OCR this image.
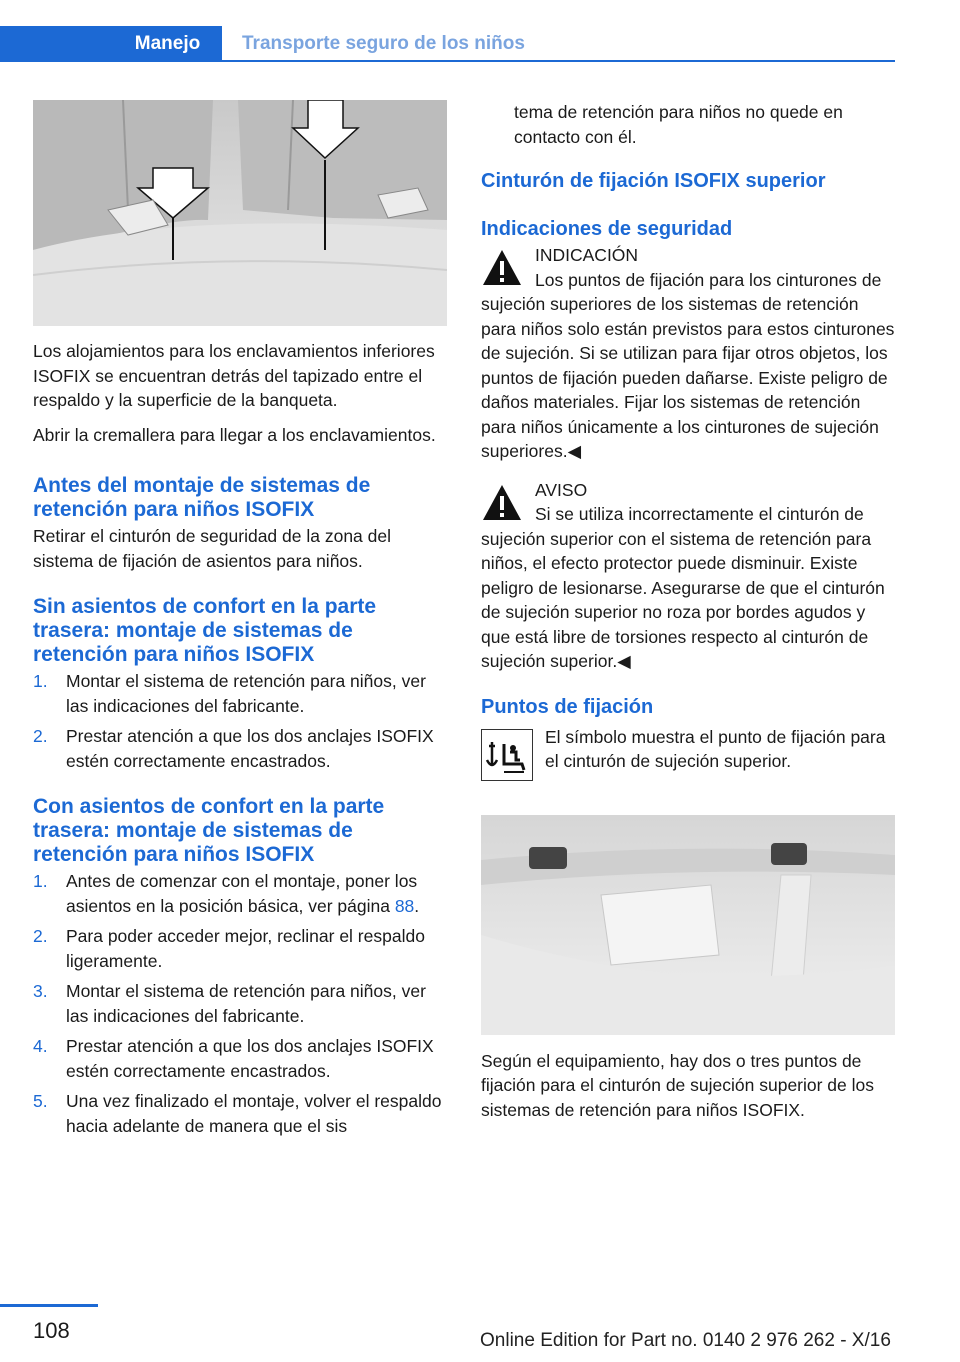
Manejo	Transporte seguro de los niños

Los alojamientos para los enclavamientos inferiores ISOFIX se encuentran detrás del tapizado entre el respaldo y la superficie de la banqueta.

Abrir la cremallera para llegar a los enclavamientos.

Antes del montaje de sistemas de retención para niños ISOFIX

Retirar el cinturón de seguridad de la zona del sistema de fijación de asientos para niños.

Sin asientos de confort en la parte trasera: montaje de sistemas de retención para niños ISOFIX

1. Montar el sistema de retención para niños, ver las indicaciones del fabricante.
2. Prestar atención a que los dos anclajes ISOFIX estén correctamente encastrados.

Con asientos de confort en la parte trasera: montaje de sistemas de retención para niños ISOFIX

1. Antes de comenzar con el montaje, poner los asientos en la posición básica, ver página 88.
2. Para poder acceder mejor, reclinar el respaldo ligeramente.
3. Montar el sistema de retención para niños, ver las indicaciones del fabricante.
4. Prestar atención a que los dos anclajes ISOFIX estén correctamente encastrados.
5. Una vez finalizado el montaje, volver el respaldo hacia adelante de manera que el sis

tema de retención para niños no quede en contacto con él.

Cinturón de fijación ISOFIX superior

Indicaciones de seguridad

INDICACIÓN

Los puntos de fijación para los cinturones de sujeción superiores de los sistemas de retención para niños solo están previstos para estos cinturones de sujeción. Si se utilizan para fijar otros objetos, los puntos de fijación pueden dañarse. Existe peligro de daños materiales. Fijar los sistemas de retención para niños únicamente a los cinturones de sujeción superiores.◀

AVISO

Si se utiliza incorrectamente el cinturón de sujeción superior con el sistema de retención para niños, el efecto protector puede disminuir. Existe peligro de lesionarse. Asegurarse de que el cinturón de sujeción superior no roza por bordes agudos y que está libre de torsiones respecto al cinturón de sujeción superior.◀

Puntos de fijación

El símbolo muestra el punto de fijación para el cinturón de sujeción superior.

Según el equipamiento, hay dos o tres puntos de fijación para el cinturón de sujeción superior de los sistemas de retención para niños ISOFIX.

108	Online Edition for Part no. 0140 2 976 262 - X/16
